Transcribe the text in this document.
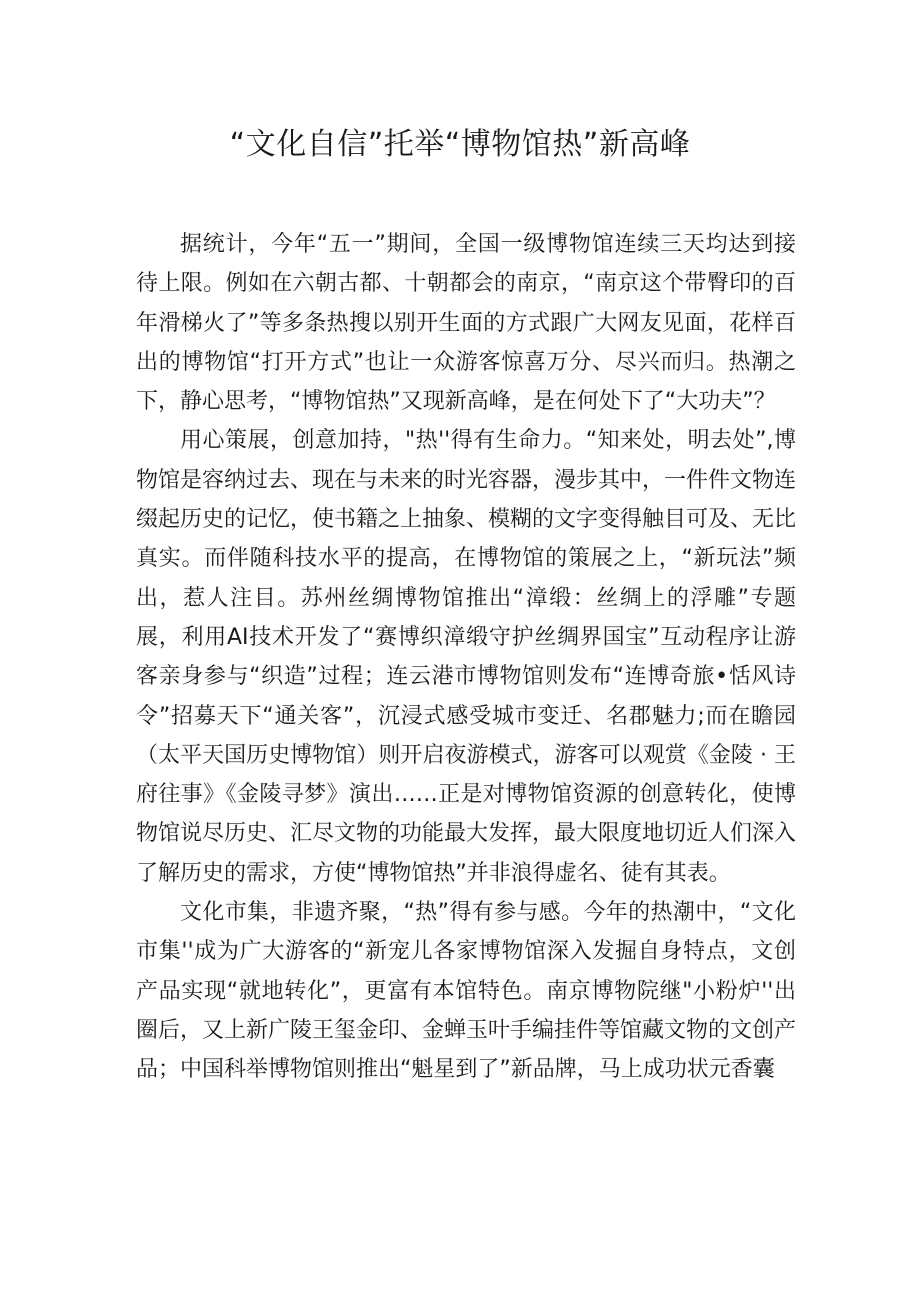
“文化自信”托举“博物馆热”新高峰

据统计，今年“五一”期间，全国一级博物馆连续三天均达到接待上限。例如在六朝古都、十朝都会的南京，“南京这个带臀印的百年滑梯火了”等多条热搜以别开生面的方式跟广大网友见面，花样百出的博物馆“打开方式”也让一众游客惊喜万分、尽兴而归。热潮之下，静心思考，“博物馆热”又现新高峰，是在何处下了“大功夫”？

用心策展，创意加持，"热''得有生命力。“知来处，明去处”,博物馆是容纳过去、现在与未来的时光容器，漫步其中，一件件文物连缀起历史的记忆，使书籍之上抽象、模糊的文字变得触目可及、无比真实。而伴随科技水平的提高，在博物馆的策展之上，“新玩法”频出，惹人注目。苏州丝绸博物馆推出“漳缎：丝绸上的浮雕”专题展，利用AI技术开发了“赛博织漳缎守护丝绸界国宝”互动程序让游客亲身参与“织造”过程；连云港市博物馆则发布“连博奇旅•恬风诗令”招募天下“通关客”，沉浸式感受城市变迁、名郡魅力;而在瞻园（太平天国历史博物馆）则开启夜游模式，游客可以观赏《金陵 · 王府往事》《金陵寻梦》演出……正是对博物馆资源的创意转化，使博物馆说尽历史、汇尽文物的功能最大发挥，最大限度地切近人们深入了解历史的需求，方使“博物馆热”并非浪得虚名、徒有其表。

文化市集，非遗齐聚，“热”得有参与感。今年的热潮中，“文化市集''成为广大游客的“新宠儿各家博物馆深入发掘自身特点，文创产品实现“就地转化”，更富有本馆特色。南京博物院继"小粉炉''出圈后，又上新广陵王玺金印、金蝉玉叶手编挂件等馆藏文物的文创产品；中国科举博物馆则推出“魁星到了”新品牌，马上成功状元香囊
